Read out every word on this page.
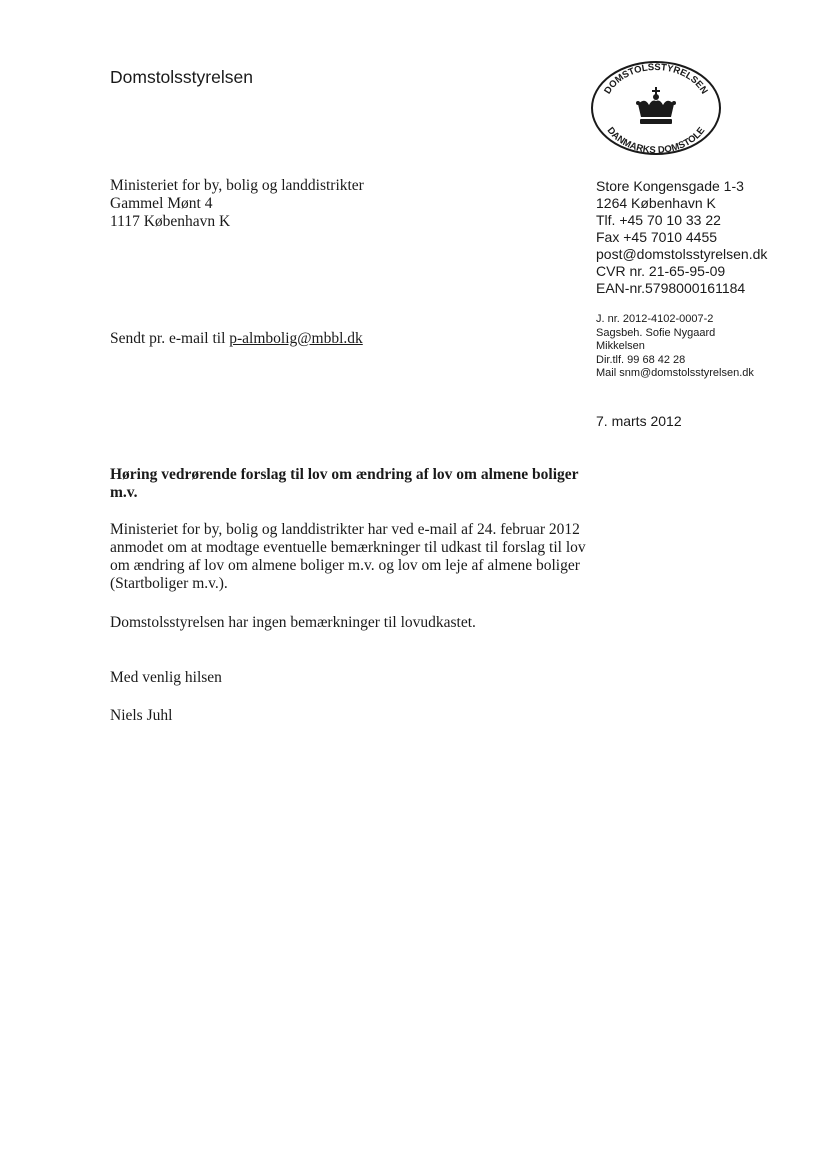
Domstolsstyrelsen
DOMSTOLSSTYRELSEN
DANMARKS DOMSTOLE
Ministeriet for by, bolig og landdistrikter
Gammel Mønt 4
1117 København K
Store Kongensgade 1-3
1264 København K
Tlf. +45 70 10 33 22
Fax +45 7010 4455
post@domstolsstyrelsen.dk
CVR nr. 21-65-95-09
EAN-nr.5798000161184
J. nr. 2012-4102-0007-2
Sagsbeh. Sofie Nygaard
Mikkelsen
Dir.tlf. 99 68 42 28
Mail snm@domstolsstyrelsen.dk
Sendt pr. e-mail til p-almbolig@mbbl.dk
7. marts 2012
Høring vedrørende forslag til lov om ændring af lov om almene boliger
m.v.
Ministeriet for by, bolig og landdistrikter har ved e-mail af 24. februar 2012
anmodet om at modtage eventuelle bemærkninger til udkast til forslag til lov
om ændring af lov om almene boliger m.v. og lov om leje af almene boliger
(Startboliger m.v.).
Domstolsstyrelsen har ingen bemærkninger til lovudkastet.
Med venlig hilsen
Niels Juhl
